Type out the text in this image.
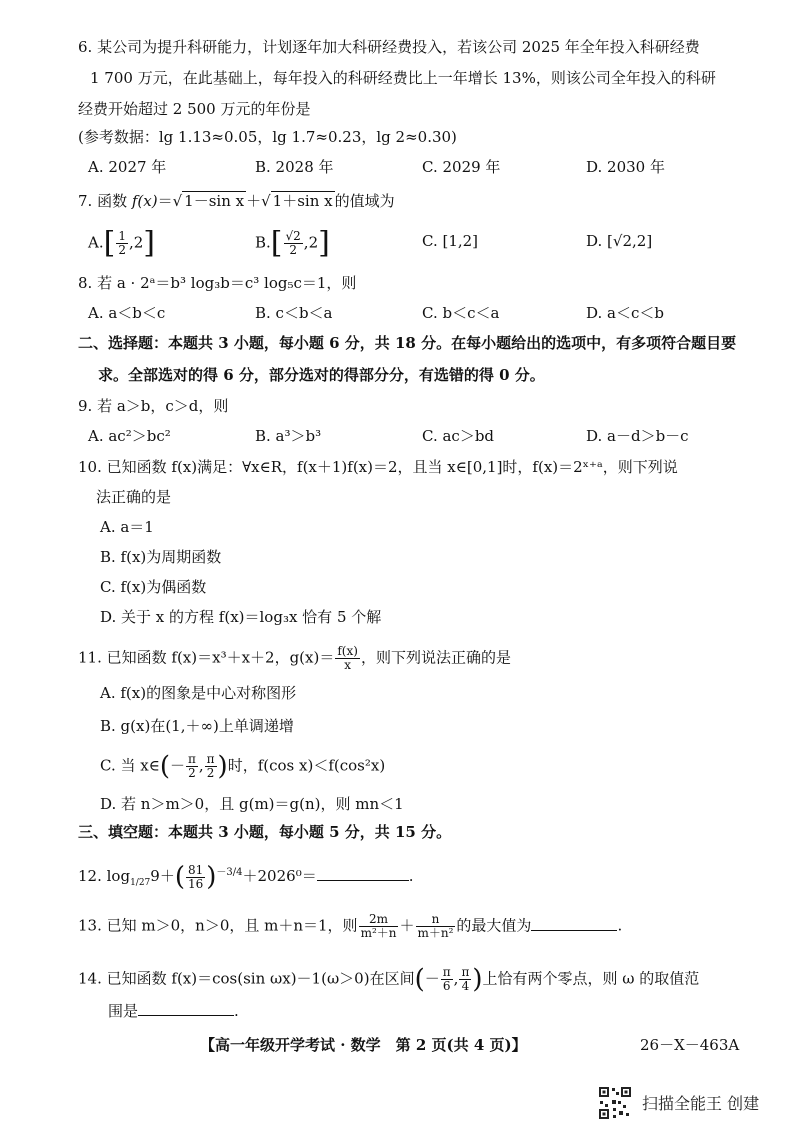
6. 某公司为提升科研能力，计划逐年加大科研经费投入，若该公司 2025 年全年投入科研经费
1 700 万元，在此基础上，每年投入的科研经费比上一年增长 13%，则该公司全年投入的科研
经费开始超过 2 500 万元的年份是
(参考数据：lg 1.13≈0.05，lg 1.7≈0.23，lg 2≈0.30)
A. 2027 年	B. 2028 年	C. 2029 年	D. 2030 年
7. 函数 f(x)＝√ 1－sin x ＋√ 1＋sin x 的值域为
$A.[ \frac{1}{2} ,2]$	$B.[ \frac{√2}{2} ,2]$	C. [1,2]	D. [√2,2]
8. 若 a · 2ᵃ＝b³ log₃b＝c³ log₅c＝1，则
A. a＜b＜c	B. c＜b＜a	C. b＜c＜a	D. a＜c＜b
二、选择题：本题共 3 小题，每小题 6 分，共 18 分。在每小题给出的选项中，有多项符合题目要
求。全部选对的得 6 分，部分选对的得部分分，有选错的得 0 分。
9. 若 a＞b，c＞d，则
A. ac²＞bc²	B. a³＞b³	C. ac＞bd	D. a－d＞b－c
10. 已知函数 f(x)满足：∀x∈R，f(x＋1)f(x)＝2，且当 x∈[0,1]时，f(x)＝2ˣ⁺ᵃ，则下列说
法正确的是
A. a＝1
B. f(x)为周期函数
C. f(x)为偶函数
D. 关于 x 的方程 f(x)＝log₃x 恰有 5 个解
11. 已知函数 f(x)＝x³＋x＋2，$g(x)= \frac{f(x)}{x}$ ，则下列说法正确的是
A. f(x)的图象是中心对称图形
B. g(x)在(1,＋∞)上单调递增
C. 当 x∈(－ $\frac{\pi}{2}$ , $\frac{\pi}{2}$ )时，f(cos x)＜f(cos²x)
D. 若 n＞m＞0，且 g(m)＝g(n)，则 mn＜1
三、填空题：本题共 3 小题，每小题 5 分，共 15 分。
12. $\log_{1/27}9+( \frac{81}{16} )^{-3/4}+2026^0=$	.
13. 已知 m＞0，n＞0，且 m＋n＝1，则 $\frac{2m}{\text{m²＋n}} + \frac{n}{\text{m＋n²}}$ 的最大值为	.
14. 已知函数 f(x)＝cos(sin ωx)－1(ω＞0)在区间(－ $\frac{\pi}{6}$ , $\frac{\pi}{4}$ )上恰有两个零点，则 ω 的取值范
围是	.
【高一年级开学考试 · 数学　第 2 页(共 4 页)】	26－X－463A
扫描全能王 创建
